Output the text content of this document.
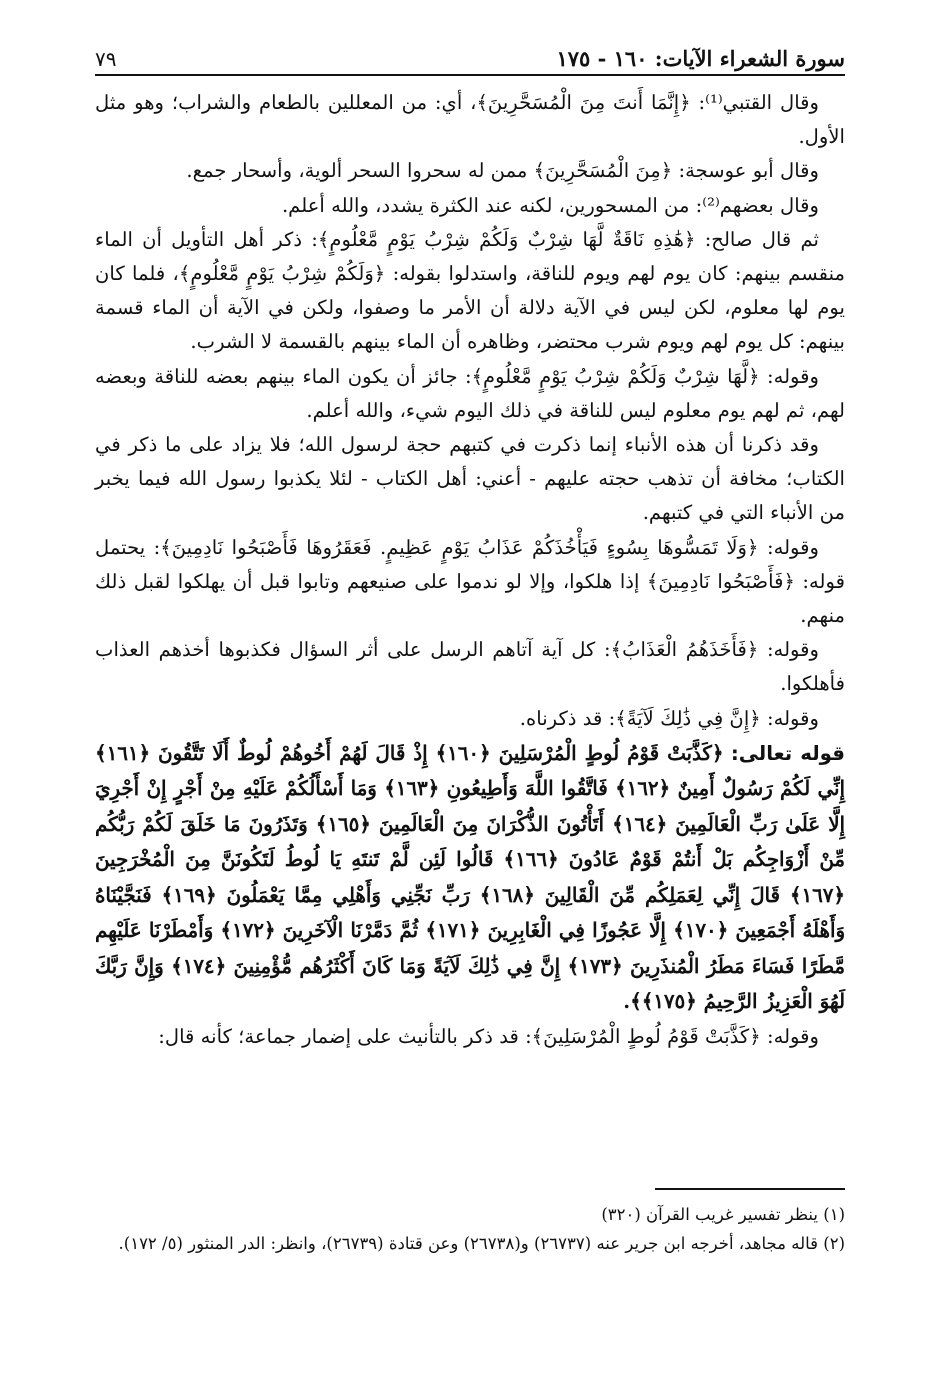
سورة الشعراء الآيات: ١٦٠ - ١٧٥
٧٩

وقال القتبي⁽¹⁾: ﴿إِنَّمَا أَنتَ مِنَ الْمُسَحَّرِينَ﴾، أي: من المعللين بالطعام والشراب؛ وهو مثل الأول.

وقال أبو عوسجة: ﴿مِنَ الْمُسَحَّرِينَ﴾ ممن له سحروا السحر ألوية، وأسحار جمع.

وقال بعضهم⁽²⁾: من المسحورين، لكنه عند الكثرة يشدد، والله أعلم.

ثم قال صالح: ﴿هَٰذِهِ نَاقَةٌ لَّهَا شِرْبٌ وَلَكُمْ شِرْبُ يَوْمٍ مَّعْلُومٍ﴾: ذكر أهل التأويل أن الماء منقسم بينهم: كان يوم لهم ويوم للناقة، واستدلوا بقوله: ﴿وَلَكُمْ شِرْبُ يَوْمٍ مَّعْلُومٍ﴾، فلما كان يوم لها معلوم، لكن ليس في الآية دلالة أن الأمر ما وصفوا، ولكن في الآية أن الماء قسمة بينهم: كل يوم لهم ويوم شرب محتضر، وظاهره أن الماء بينهم بالقسمة لا الشرب.

وقوله: ﴿لَّهَا شِرْبٌ وَلَكُمْ شِرْبُ يَوْمٍ مَّعْلُومٍ﴾: جائز أن يكون الماء بينهم بعضه للناقة وبعضه لهم، ثم لهم يوم معلوم ليس للناقة في ذلك اليوم شيء، والله أعلم.

وقد ذكرنا أن هذه الأنباء إنما ذكرت في كتبهم حجة لرسول الله؛ فلا يزاد على ما ذكر في الكتاب؛ مخافة أن تذهب حجته عليهم - أعني: أهل الكتاب - لئلا يكذبوا رسول الله فيما يخبر من الأنباء التي في كتبهم.

وقوله: ﴿وَلَا تَمَسُّوهَا بِسُوءٍ فَيَأْخُذَكُمْ عَذَابُ يَوْمٍ عَظِيمٍ. فَعَقَرُوهَا فَأَصْبَحُوا نَادِمِينَ﴾: يحتمل قوله: ﴿فَأَصْبَحُوا نَادِمِينَ﴾ إذا هلكوا، وإلا لو ندموا على صنيعهم وتابوا قبل أن يهلكوا لقبل ذلك منهم.

وقوله: ﴿فَأَخَذَهُمُ الْعَذَابُ﴾: كل آية آتاهم الرسل على أثر السؤال فكذبوها أخذهم العذاب فأهلكوا.

وقوله: ﴿إِنَّ فِي ذَٰلِكَ لَآيَةً﴾: قد ذكرناه.

قوله تعالى: ﴿كَذَّبَتْ قَوْمُ لُوطٍ الْمُرْسَلِينَ ﴿١٦٠﴾ إِذْ قَالَ لَهُمْ أَخُوهُمْ لُوطٌ أَلَا تَتَّقُونَ ﴿١٦١﴾ إِنِّي لَكُمْ رَسُولٌ أَمِينٌ ﴿١٦٢﴾ فَاتَّقُوا اللَّهَ وَأَطِيعُونِ ﴿١٦٣﴾ وَمَا أَسْأَلُكُمْ عَلَيْهِ مِنْ أَجْرٍ إِنْ أَجْرِيَ إِلَّا عَلَىٰ رَبِّ الْعَالَمِينَ ﴿١٦٤﴾ أَتَأْتُونَ الذُّكْرَانَ مِنَ الْعَالَمِينَ ﴿١٦٥﴾ وَتَذَرُونَ مَا خَلَقَ لَكُمْ رَبُّكُم مِّنْ أَزْوَاجِكُم بَلْ أَنتُمْ قَوْمٌ عَادُونَ ﴿١٦٦﴾ قَالُوا لَئِن لَّمْ تَنتَهِ يَا لُوطُ لَتَكُونَنَّ مِنَ الْمُخْرَجِينَ ﴿١٦٧﴾ قَالَ إِنِّي لِعَمَلِكُم مِّنَ الْقَالِينَ ﴿١٦٨﴾ رَبِّ نَجِّنِي وَأَهْلِي مِمَّا يَعْمَلُونَ ﴿١٦٩﴾ فَنَجَّيْنَاهُ وَأَهْلَهُ أَجْمَعِينَ ﴿١٧٠﴾ إِلَّا عَجُوزًا فِي الْغَابِرِينَ ﴿١٧١﴾ ثُمَّ دَمَّرْنَا الْآخَرِينَ ﴿١٧٢﴾ وَأَمْطَرْنَا عَلَيْهِم مَّطَرًا فَسَاءَ مَطَرُ الْمُنذَرِينَ ﴿١٧٣﴾ إِنَّ فِي ذَٰلِكَ لَآيَةً وَمَا كَانَ أَكْثَرُهُم مُّؤْمِنِينَ ﴿١٧٤﴾ وَإِنَّ رَبَّكَ لَهُوَ الْعَزِيزُ الرَّحِيمُ ﴿١٧٥﴾﴾.

وقوله: ﴿كَذَّبَتْ قَوْمُ لُوطٍ الْمُرْسَلِينَ﴾: قد ذكر بالتأنيث على إضمار جماعة؛ كأنه قال:

(١) ينظر تفسير غريب القرآن (٣٢٠)

(٢) قاله مجاهد، أخرجه ابن جرير عنه (٢٦٧٣٧) و(٢٦٧٣٨) وعن قتادة (٢٦٧٣٩)، وانظر: الدر المنثور (٥/ ١٧٢).
